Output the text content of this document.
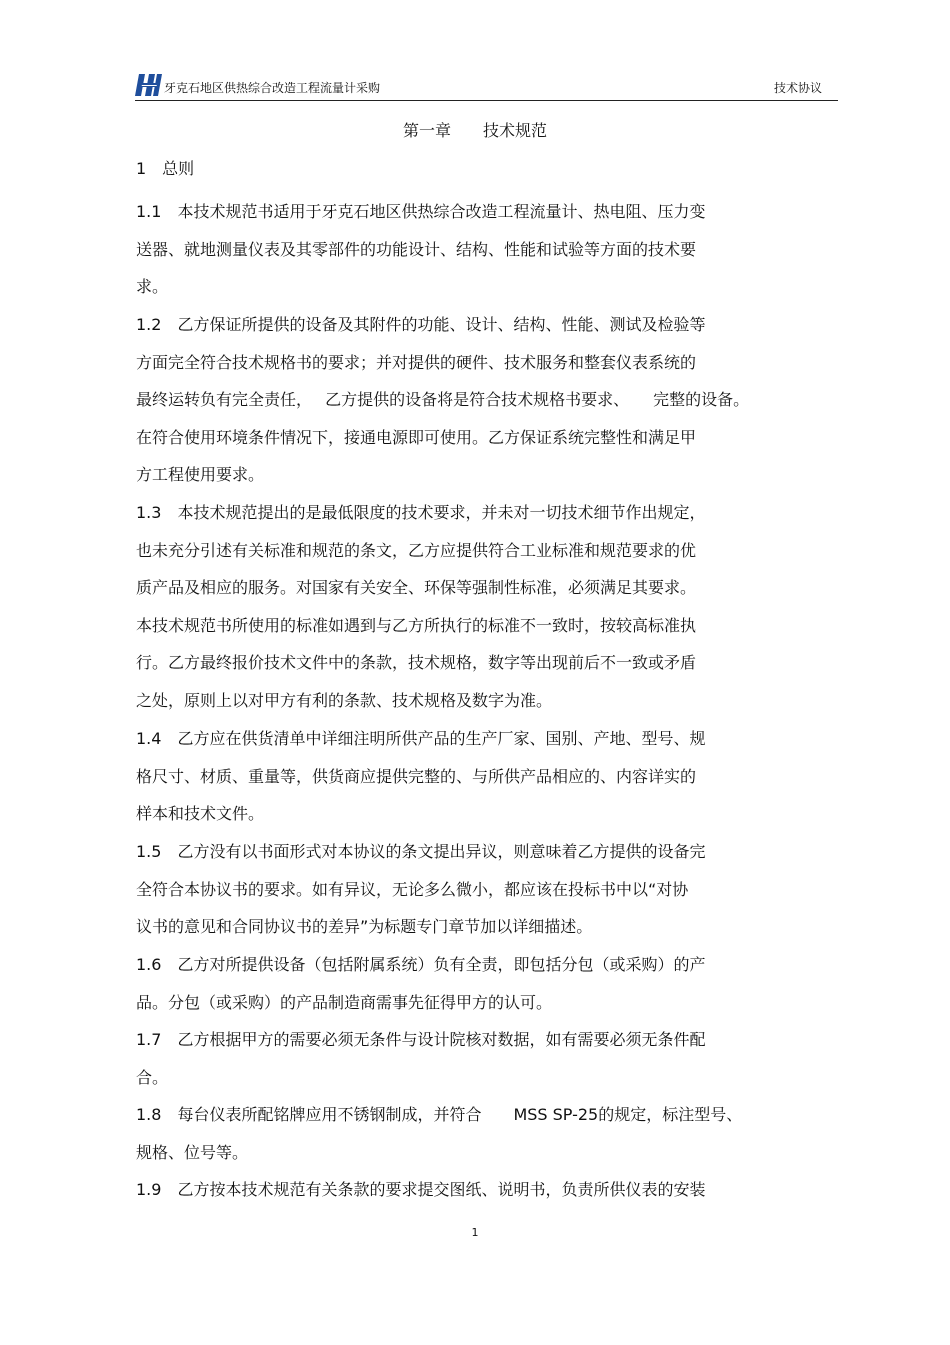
牙克石地区供热综合改造工程流量计采购	技术协议
第一章　　技术规范
1　总则
1.1　本技术规范书适用于牙克石地区供热综合改造工程流量计、热电阻、压力变
送器、就地测量仪表及其零部件的功能设计、结构、性能和试验等方面的技术要
求。
1.2　乙方保证所提供的设备及其附件的功能、设计、结构、性能、测试及检验等
方面完全符合技术规格书的要求；并对提供的硬件、技术服务和整套仪表系统的
最终运转负有完全责任，　 乙方提供的设备将是符合技术规格书要求、　　完整的设备。
在符合使用环境条件情况下，接通电源即可使用。乙方保证系统完整性和满足甲
方工程使用要求。
1.3　本技术规范提出的是最低限度的技术要求，并未对一切技术细节作出规定，
也未充分引述有关标准和规范的条文，乙方应提供符合工业标准和规范要求的优
质产品及相应的服务。对国家有关安全、环保等强制性标准，必须满足其要求。
本技术规范书所使用的标准如遇到与乙方所执行的标准不一致时，按较高标准执
行。乙方最终报价技术文件中的条款，技术规格，数字等出现前后不一致或矛盾
之处，原则上以对甲方有利的条款、技术规格及数字为准。
1.4　乙方应在供货清单中详细注明所供产品的生产厂家、国别、产地、型号、规
格尺寸、材质、重量等，供货商应提供完整的、与所供产品相应的、内容详实的
样本和技术文件。
1.5　乙方没有以书面形式对本协议的条文提出异议，则意味着乙方提供的设备完
全符合本协议书的要求。如有异议，无论多么微小，都应该在投标书中以“对协
议书的意见和合同协议书的差异”为标题专门章节加以详细描述。
1.6　乙方对所提供设备（包括附属系统）负有全责，即包括分包（或采购）的产
品。分包（或采购）的产品制造商需事先征得甲方的认可。
1.7　乙方根据甲方的需要必须无条件与设计院核对数据，如有需要必须无条件配
合。
1.8　每台仪表所配铭牌应用不锈钢制成，并符合　　MSS SP-25的规定，标注型号、
规格、位号等。
1.9　乙方按本技术规范有关条款的要求提交图纸、说明书，负责所供仪表的安装
1
